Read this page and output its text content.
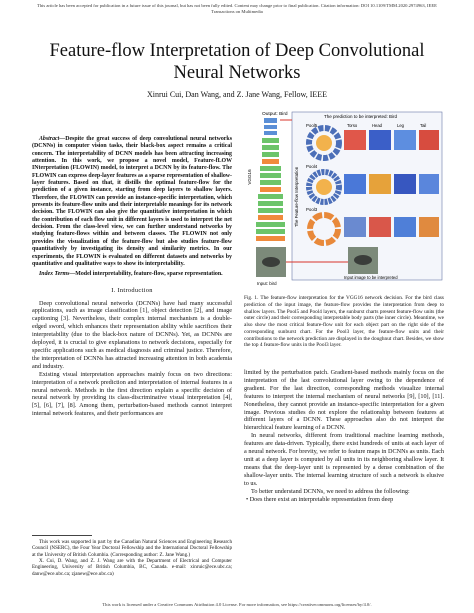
This article has been accepted for publication in a future issue of this journal, but has not been fully edited. Content may change prior to final publication. Citation information: DOI 10.1109/TMM.2020.2974963, IEEE
Transactions on Multimedia
Feature-flow Interpretation of Deep Convolutional
Neural Networks
Xinrui Cui, Dan Wang, and Z. Jane Wang, Fellow, IEEE

Abstract—Despite the great success of deep convolutional neural networks (DCNNs) in computer vision tasks, their black-box aspect remains a critical concern. The interpretability of DCNN models has been attracting increasing attention. In this work, we propose a novel model, Feature-fLOW INterpretation (FLOWIN) model, to interpret a DCNN by its feature-flow. The FLOWIN can express deep-layer features as a sparse representation of shallow-layer features. Based on that, it distills the optimal feature-flow for the prediction of a given instance, starting from deep layers to shallow layers. Therefore, the FLOWIN can provide an instance-specific interpretation, which presents its feature-flow units and their interpretable meanings for its network decision. The FLOWIN can also give the quantitative interpretation in which the contribution of each flow unit in different layers is used to interpret the net decision. From the class-level view, we can further understand networks by studying feature-flows within and between classes. The FLOWIN not only provides the visualization of the feature-flow but also studies feature-flow quantitatively by investigating its density and similarity metrics. In our experiments, the FLOWIN is evaluated on different datasets and networks by quantitative and qualitative ways to show its interpretability.

Index Terms—Model interpretability, feature-flow, sparse representation.

I. Introduction

Deep convolutional neural networks (DCNNs) have had many successful applications, such as image classification [1], object detection [2], and image captioning [3]. Nevertheless, their complex internal mechanism is a double-edged sword, which enhances their representation ability while sacrifices their interpretability (due to the black-box nature of DCNNs). Yet, as DCNNs are deployed, it is crucial to give explanations to network decisions, especially for specific applications such as medical diagnosis and criminal justice. Therefore, the interpretation of DCNNs has attracted increasing attention in both academia and industry.

Existing visual interpretation approaches mainly focus on two directions: interpretation of a network prediction and interpretation of internal features in a neural network. Methods in the first direction explain a specific decision of neural network by providing its class-discriminative visual interpretation [4], [5], [6], [7], [8]. Among them, perturbation-based methods cannot interpret internal network features, and their performances are

This work was supported in part by the Canadian Natural Sciences and Engineering Research Council (NSERC), the Four Year Doctoral Fellowship and the International Doctoral Fellowship at the University of British Columbia. (Corresponding author: Z. Jane Wang.)

X. Cui, D. Wang, and Z. J. Wang are with the Department of Electrical and Computer Engineering, University of British Columbia, BC, Canada. e-mail: xinruic@ece.ubc.ca; danw@ece.ubc.ca; zjanew@ece.ubc.ca)

Output: Bird
VGG16
Input: bird
The Feature-flow Interpretation
The prediction to be interpreted: Bird
Pool5	Torso	Head	Leg	Tail
Pool4
Pool3
Input image to be interpreted

Fig. 1. The feature-flow interpretation for the VGG16 network decision. For the bird class prediction of the input image, the feature-flow provides the interpretation from deep to shallow layers. The Pool5 and Pool4 layers, the sunburst charts present feature-flow units (the outer circle) and their corresponding interpretable body parts (the inner circle). Meantime, we also show the most critical feature-flow unit for each object part on the right side of the corresponding sunburst chart. For the Pool3 layer, the feature-flow units and their contributions to the network prediction are displayed in the doughnut chart. Besides, we show the top 4 feature-flow units in the Pool3 layer.

limited by the perturbation patch. Gradient-based methods mainly focus on the interpretation of the last convolutional layer owing to the dependence of gradient. For the last direction, corresponding methods visualize internal features to interpret the internal mechanism of neural networks [9], [10], [11]. Nonetheless, they cannot provide an instance-specific interpretation for a given image. Previous studies do not explore the relationship between features at different layers of a DCNN. These approaches also do not interpret the hierarchical feature learning of a DCNN.

In neural networks, different from traditional machine learning methods, features are data-driven. Typically, there exist hundreds of units at each layer of a neural network. For brevity, we refer to feature maps in DCNNs as units. Each unit at a deep layer is computed by all units in its neighboring shallow layer. It means that the deep-layer unit is represented by a dense combination of the shallow-layer units. The internal learning structure of such a network is elusive to us.

To better understand DCNNs, we need to address the following:

• Does there exist an interpretable representation from deep

This work is licensed under a Creative Commons Attribution 4.0 License. For more information, see https://creativecommons.org/licenses/by/4.0/.
